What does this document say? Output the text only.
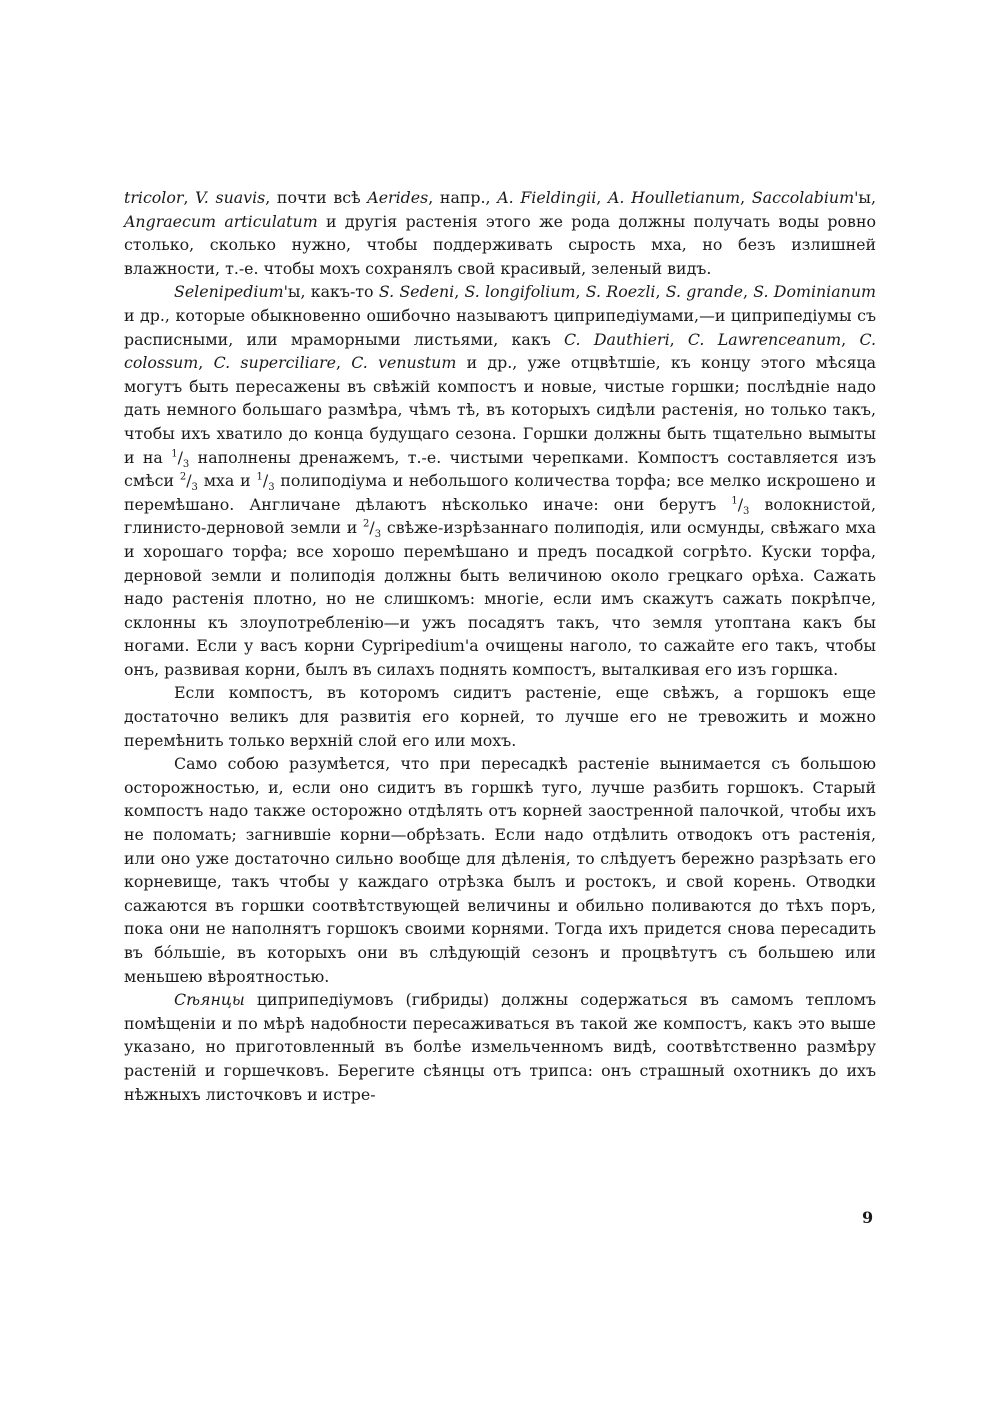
tricolor, V. suavis, почти всѣ Aerides, напр., A. Fieldingii, A. Houlletianum, Saccolabium'ы, Angraecum articulatum и другія растенія этого же рода должны получать воды ровно столько, сколько нужно, чтобы поддерживать сырость мха, но безъ излишней влажности, т.-е. чтобы мохъ сохранялъ свой красивый, зеленый видъ.

Selenipedium'ы, какъ-то S. Sedeni, S. longifolium, S. Roezli, S. grande, S. Dominianum и др., которые обыкновенно ошибочно называютъ циприпедіумами,—и циприпедіумы съ расписными, или мраморными листьями, какъ C. Dauthieri, C. Lawrenceanum, C. colossum, C. superciliare, C. venustum и др., уже отцвѣтшіе, къ концу этого мѣсяца могутъ быть пересажены въ свѣжій компостъ и новые, чистые горшки; послѣдніе надо дать немного большаго размѣра, чѣмъ тѣ, въ которыхъ сидѣли растенія, но только такъ, чтобы ихъ хватило до конца будущаго сезона. Горшки должны быть тщательно вымыты и на $^1/_3$ наполнены дренажемъ, т.-е. чистыми черепками. Компостъ составляется изъ смѣси $^2/_3$ мха и $^1/_3$ полиподіума и небольшого количества торфа; все мелко искрошено и перемѣшано. Англичане дѣлаютъ нѣсколько иначе: они берутъ $^1/_3$ волокнистой, глинисто-дерновой земли и $^2/_3$ свѣже-изрѣзаннаго полиподія, или осмунды, свѣжаго мха и хорошаго торфа; все хорошо перемѣшано и предъ посадкой согрѣто. Куски торфа, дерновой земли и полиподія должны быть величиною около грецкаго орѣха. Сажать надо растенія плотно, но не слишкомъ: многіе, если имъ скажутъ сажать покрѣпче, склонны къ злоупотребленію—и ужъ посадятъ такъ, что земля утоптана какъ бы ногами. Если у васъ корни Cypripedium'а очищены наголо, то сажайте его такъ, чтобы онъ, развивая корни, былъ въ силахъ поднять компостъ, выталкивая его изъ горшка.

Если компостъ, въ которомъ сидитъ растеніе, еще свѣжъ, а горшокъ еще достаточно великъ для развитія его корней, то лучше его не тревожить и можно перемѣнить только верхній слой его или мохъ.

Само собою разумѣется, что при пересадкѣ растеніе вынимается съ большою осторожностью, и, если оно сидитъ въ горшкѣ туго, лучше разбить горшокъ. Старый компостъ надо также осторожно отдѣлять отъ корней заостренной палочкой, чтобы ихъ не поломать; загнившіе корни—обрѣзать. Если надо отдѣлить отводокъ отъ растенія, или оно уже достаточно сильно вообще для дѣленія, то слѣдуетъ бережно разрѣзать его корневище, такъ чтобы у каждаго отрѣзка былъ и ростокъ, и свой корень. Отводки сажаются въ горшки соотвѣтствующей величины и обильно поливаются до тѣхъ поръ, пока они не наполнятъ горшокъ своими корнями. Тогда ихъ придется снова пересадить въ бóльшіе, въ которыхъ они въ слѣдующій сезонъ и процвѣтутъ съ большею или меньшею вѣроятностью.

Сѣянцы циприпедіумовъ (гибриды) должны содержаться въ самомъ тепломъ помѣщеніи и по мѣрѣ надобности пересаживаться въ такой же компостъ, какъ это выше указано, но приготовленный въ болѣе измельченномъ видѣ, соотвѣтственно размѣру растеній и горшечковъ. Берегите сѣянцы отъ трипса: онъ страшный охотникъ до ихъ нѣжныхъ листочковъ и истре-

9
